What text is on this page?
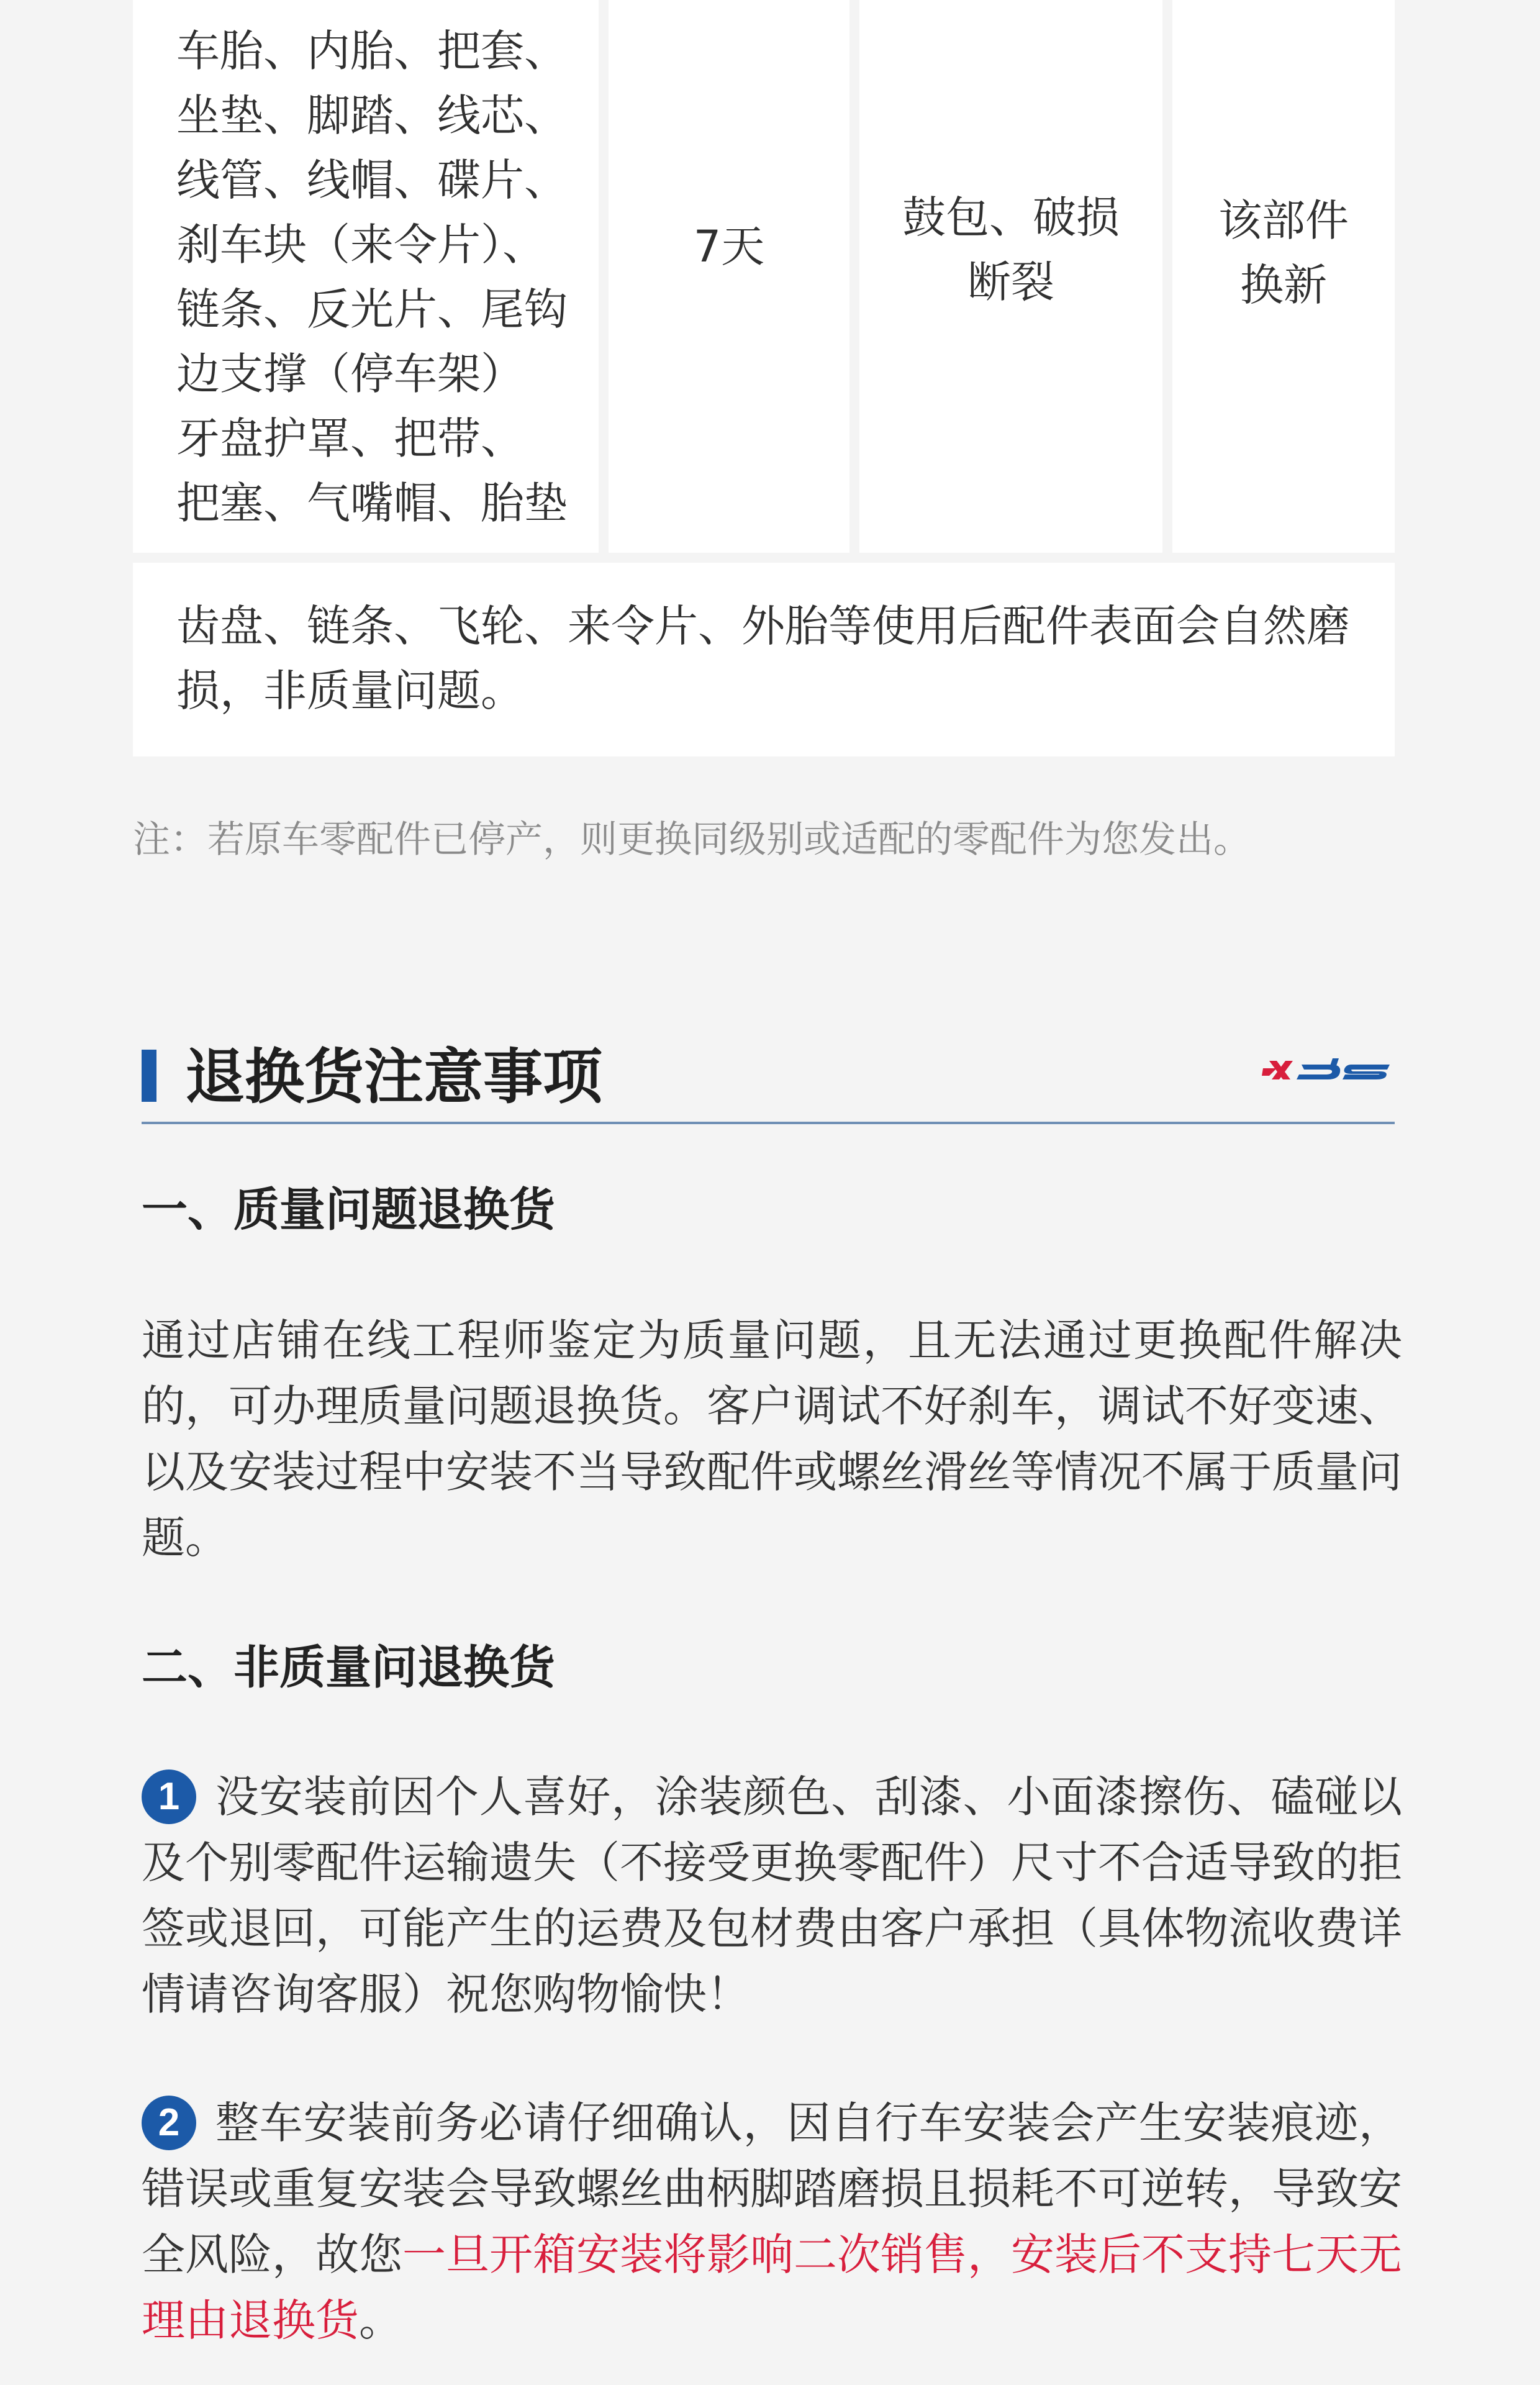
车胎、内胎、把套、
坐垫、脚踏、线芯、
线管、线帽、碟片、
刹车块（来令片）、
链条、反光片、尾钩
边支撑（停车架）
牙盘护罩、把带、
把塞、气嘴帽、胎垫
7天
鼓包、破损
断裂
该部件
换新

齿盘、链条、飞轮、来令片、外胎等使用后配件表面会自然磨损，非质量问题。

注：若原车零配件已停产，则更换同级别或适配的零配件为您发出。
退换货注意事项
一、质量问题退换货

通过店铺在线工程师鉴定为质量问题，且无法通过更换配件解决的，可办理质量问题退换货。客户调试不好刹车，调试不好变速、以及安装过程中安装不当导致配件或螺丝滑丝等情况不属于质量问题。

二、非质量问退换货

1 没安装前因个人喜好，涂装颜色、刮漆、小面漆擦伤、磕碰以及个别零配件运输遗失（不接受更换零配件）尺寸不合适导致的拒签或退回，可能产生的运费及包材费由客户承担（具体物流收费详情请咨询客服）祝您购物愉快！

2 整车安装前务必请仔细确认，因自行车安装会产生安装痕迹，错误或重复安装会导致螺丝曲柄脚踏磨损且损耗不可逆转，导致安全风险，故您一旦开箱安装将影响二次销售，安装后不支持七天无理由退换货。
